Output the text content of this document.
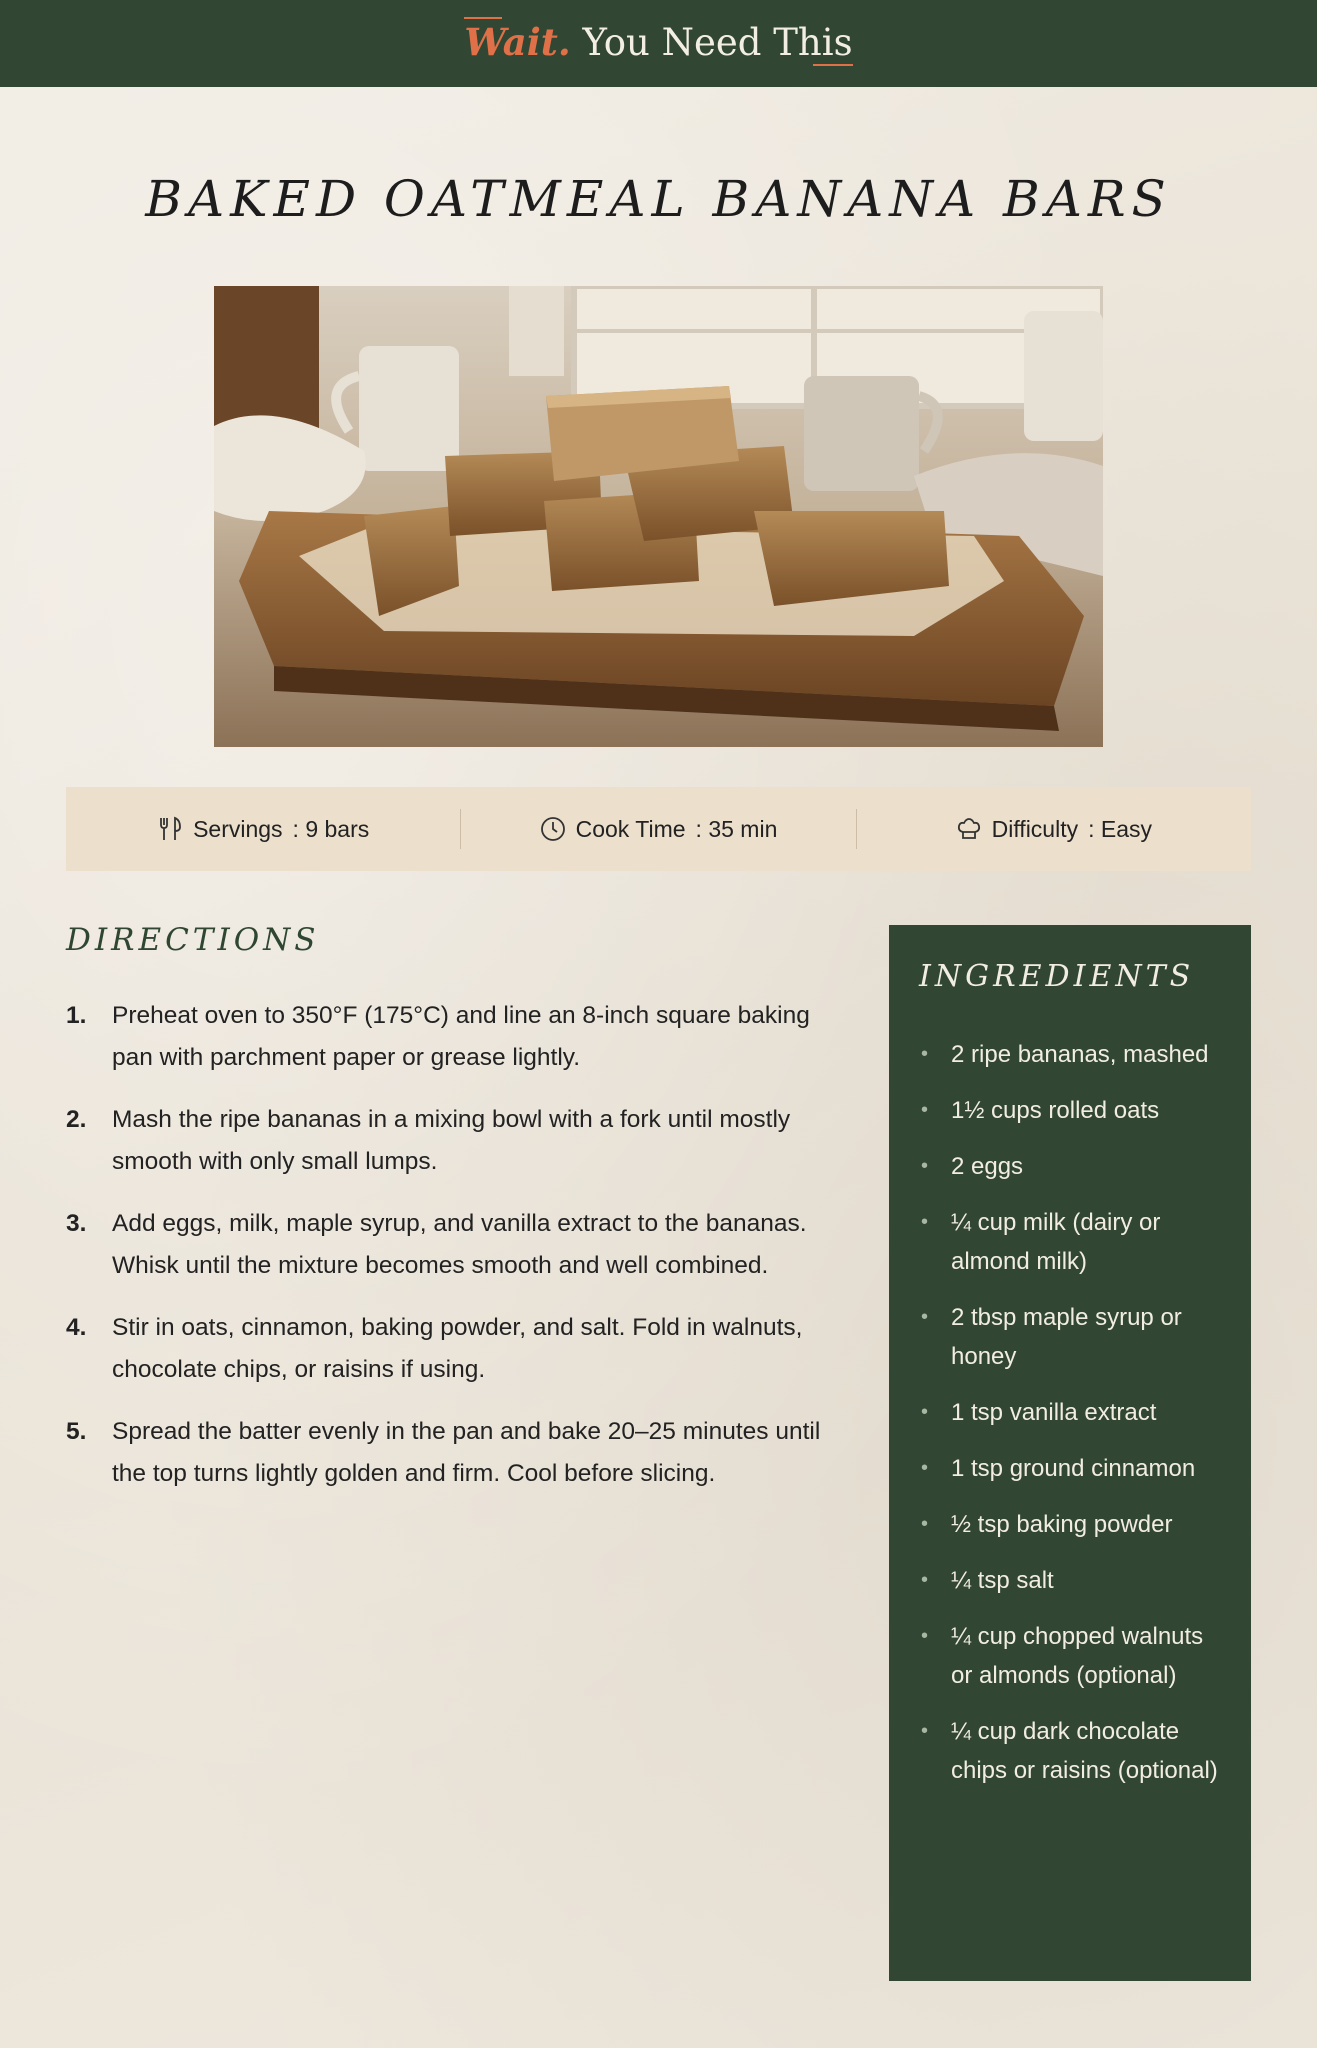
Wait. You Need This
BAKED OATMEAL BANANA BARS
Servings : 9 bars	Cook Time : 35 min	Difficulty : Easy
DIRECTIONS
1.	Preheat oven to 350°F (175°C) and line an 8-inch square baking pan with parchment paper or grease lightly.
2.	Mash the ripe bananas in a mixing bowl with a fork until mostly smooth with only small lumps.
3.	Add eggs, milk, maple syrup, and vanilla extract to the bananas. Whisk until the mixture becomes smooth and well combined.
4.	Stir in oats, cinnamon, baking powder, and salt. Fold in walnuts, chocolate chips, or raisins if using.
5.	Spread the batter evenly in the pan and bake 20–25 minutes until the top turns lightly golden and firm. Cool before slicing.
INGREDIENTS
• 2 ripe bananas, mashed
• 1½ cups rolled oats
• 2 eggs
• ¼ cup milk (dairy or almond milk)
• 2 tbsp maple syrup or honey
• 1 tsp vanilla extract
• 1 tsp ground cinnamon
• ½ tsp baking powder
• ¼ tsp salt
• ¼ cup chopped walnuts or almonds (optional)
• ¼ cup dark chocolate chips or raisins (optional)
